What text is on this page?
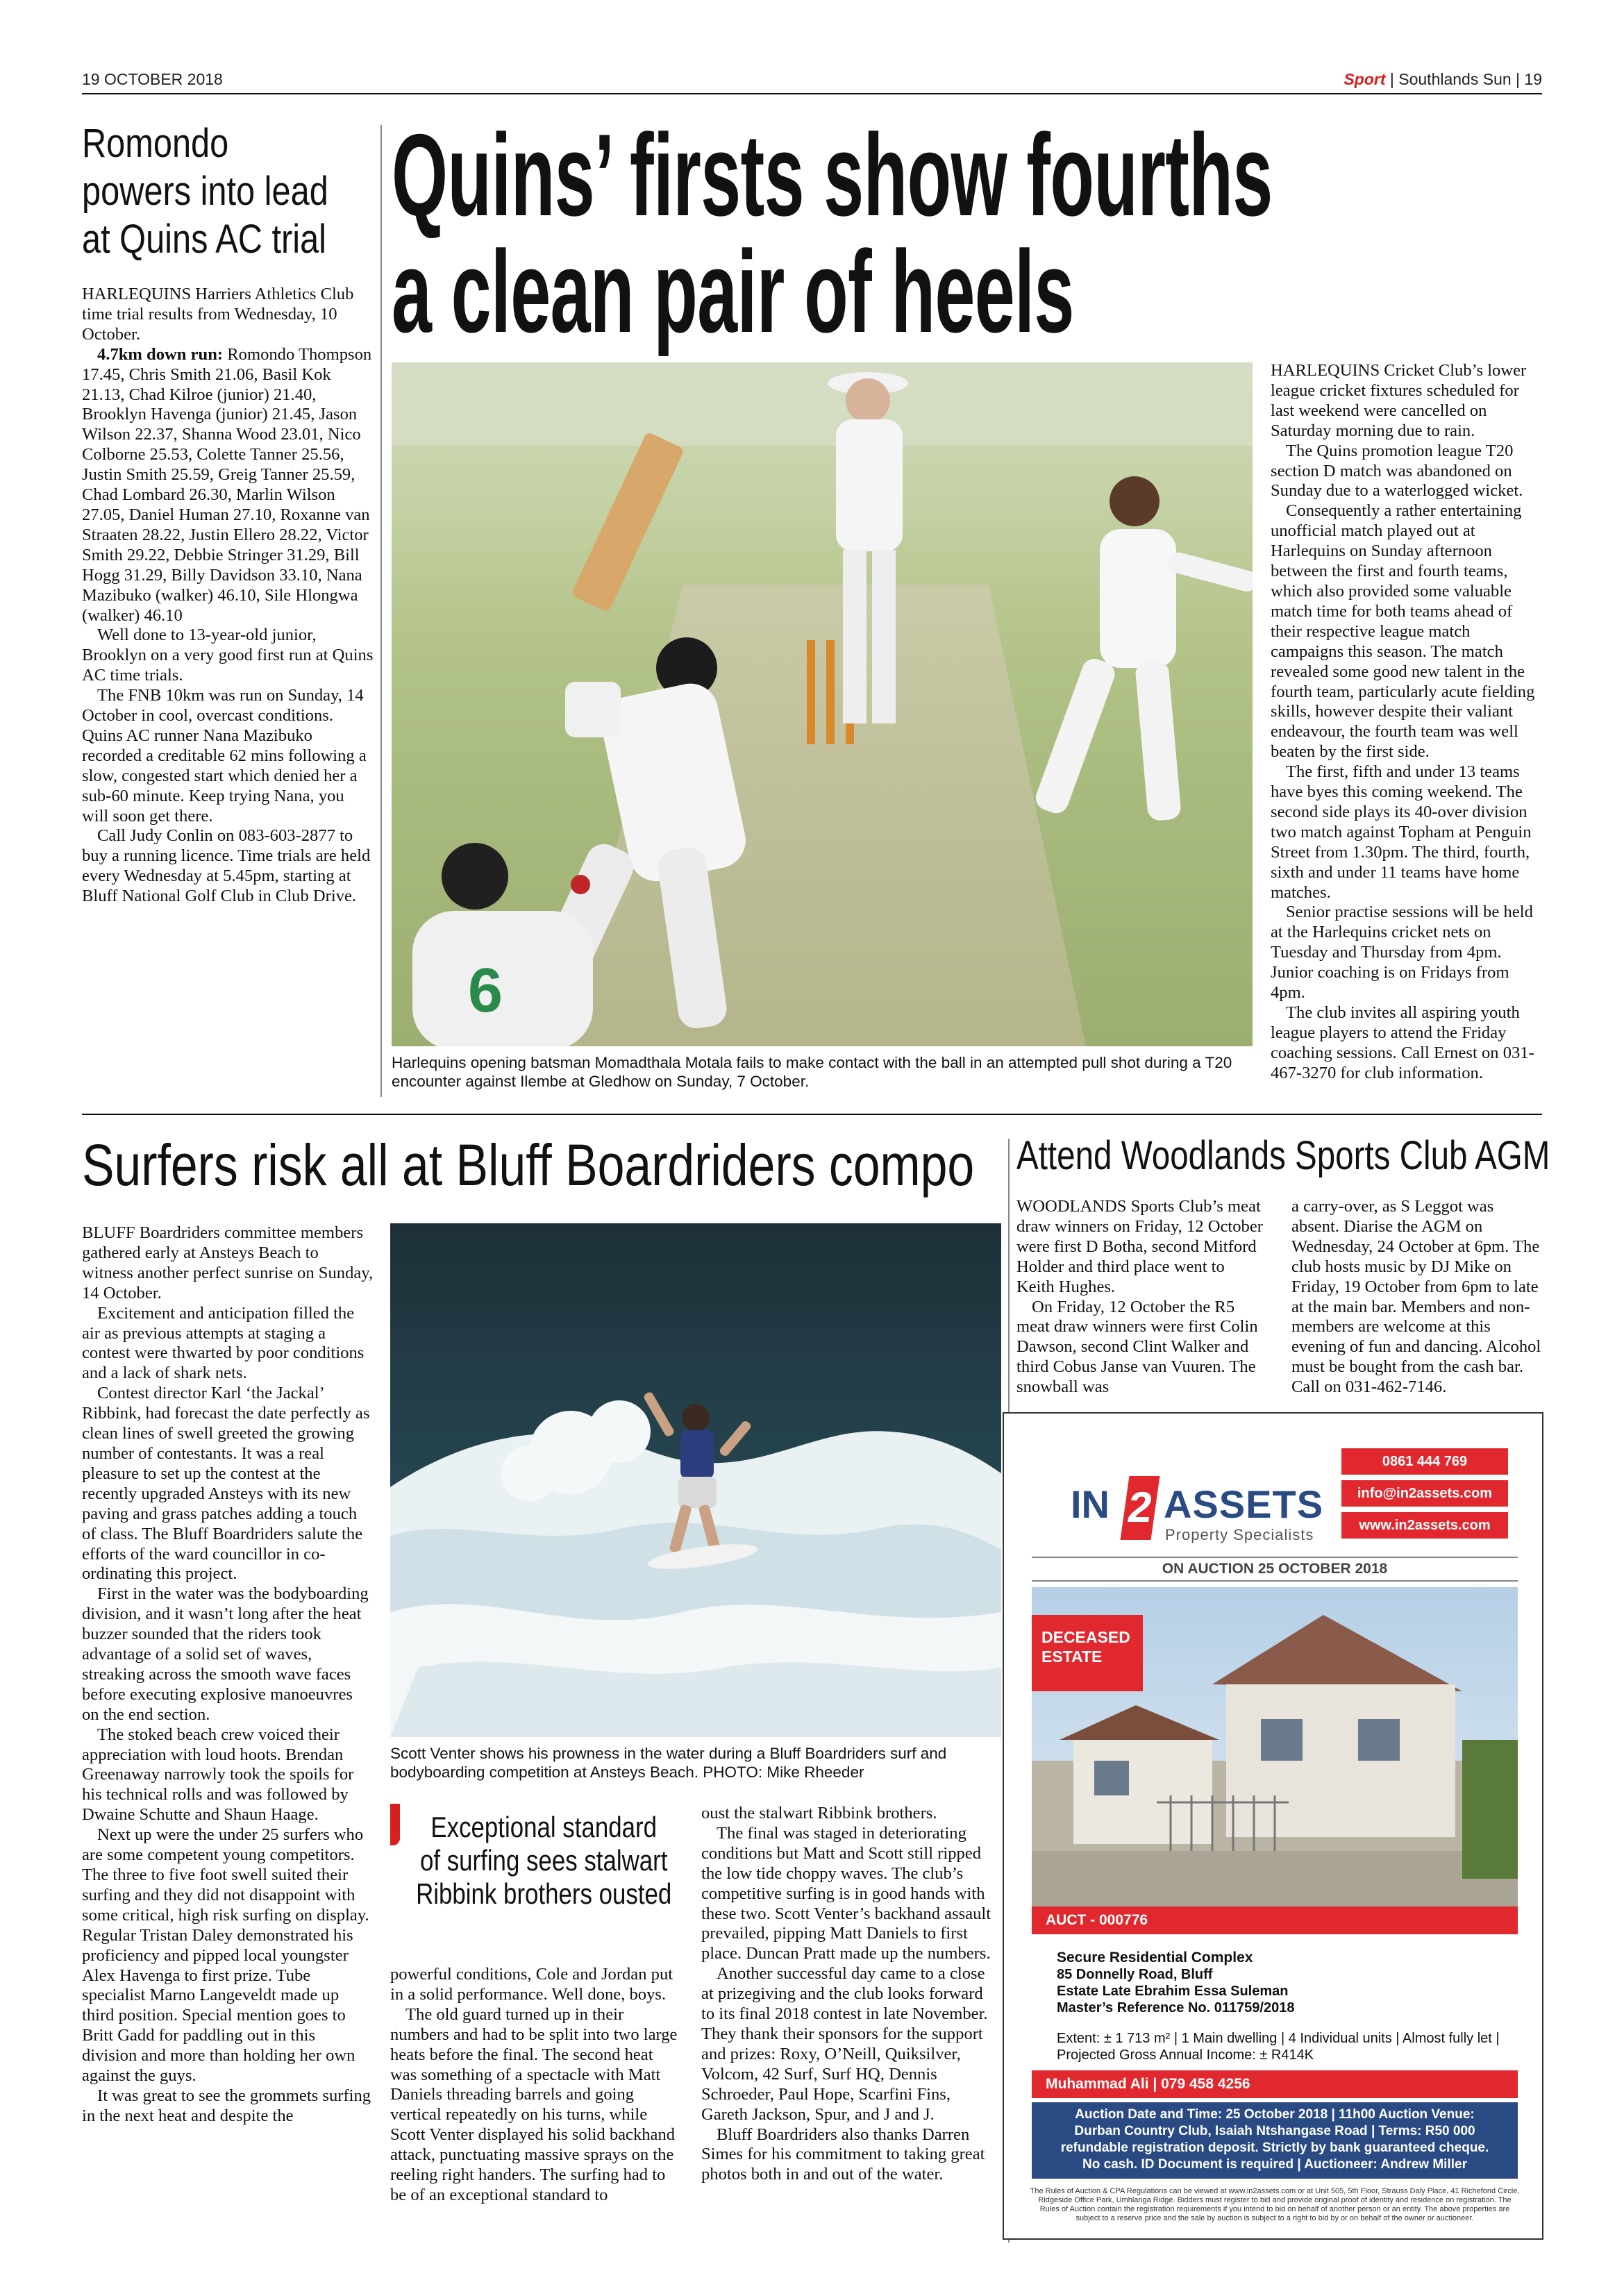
19 OCTOBER 2018	Sport | Southlands Sun | 19
Romondo
powers into lead
at Quins AC trial

HARLEQUINS Harriers Athletics Club time trial results from Wednesday, 10 October.

4.7km down run: Romondo Thompson 17.45, Chris Smith 21.06, Basil Kok 21.13, Chad Kilroe (junior) 21.40, Brooklyn Havenga (junior) 21.45, Jason Wilson 22.37, Shanna Wood 23.01, Nico Colborne 25.53, Colette Tanner 25.56, Justin Smith 25.59, Greig Tanner 25.59, Chad Lombard 26.30, Marlin Wilson 27.05, Daniel Human 27.10, Roxanne van Straaten 28.22, Justin Ellero 28.22, Victor Smith 29.22, Debbie Stringer 31.29, Bill Hogg 31.29, Billy Davidson 33.10, Nana Mazibuko (walker) 46.10, Sile Hlongwa (walker) 46.10

Well done to 13-year-old junior, Brooklyn on a very good first run at Quins AC time trials.

The FNB 10km was run on Sunday, 14 October in cool, overcast conditions. Quins AC runner Nana Mazibuko recorded a creditable 62 mins following a slow, congested start which denied her a sub-60 minute. Keep trying Nana, you will soon get there.

Call Judy Conlin on 083-603-2877 to buy a running licence. Time trials are held every Wednesday at 5.45pm, starting at Bluff National Golf Club in Club Drive.

Quins’ firsts show fourths
a clean pair of heels
6
Harlequins opening batsman Momadthala Motala fails to make contact with the ball in an attempted pull shot during a T20 encounter against Ilembe at Gledhow on Sunday, 7 October.

HARLEQUINS Cricket Club’s lower league cricket fixtures scheduled for last weekend were cancelled on Saturday morning due to rain.

The Quins promotion league T20 section D match was abandoned on Sunday due to a waterlogged wicket.

Consequently a rather entertaining unofficial match played out at Harlequins on Sunday afternoon between the first and fourth teams, which also provided some valuable match time for both teams ahead of their respective league match campaigns this season. The match revealed some good new talent in the fourth team, particularly acute fielding skills, however despite their valiant endeavour, the fourth team was well beaten by the first side.

The first, fifth and under 13 teams have byes this coming weekend. The second side plays its 40-over division two match against Topham at Penguin Street from 1.30pm. The third, fourth, sixth and under 11 teams have home matches.

Senior practise sessions will be held at the Harlequins cricket nets on Tuesday and Thursday from 4pm. Junior coaching is on Fridays from 4pm.

The club invites all aspiring youth league players to attend the Friday coaching sessions. Call Ernest on 031-467-3270 for club information.

Surfers risk all at Bluff Boardriders compo

BLUFF Boardriders committee members gathered early at Ansteys Beach to witness another perfect sunrise on Sunday, 14 October.

Excitement and anticipation filled the air as previous attempts at staging a contest were thwarted by poor conditions and a lack of shark nets.

Contest director Karl ‘the Jackal’ Ribbink, had forecast the date perfectly as clean lines of swell greeted the growing number of contestants. It was a real pleasure to set up the contest at the recently upgraded Ansteys with its new paving and grass patches adding a touch of class. The Bluff Boardriders salute the efforts of the ward councillor in co-ordinating this project.

First in the water was the bodyboarding division, and it wasn’t long after the heat buzzer sounded that the riders took advantage of a solid set of waves, streaking across the smooth wave faces before executing explosive manoeuvres on the end section.

The stoked beach crew voiced their appreciation with loud hoots. Brendan Greenaway narrowly took the spoils for his technical rolls and was followed by Dwaine Schutte and Shaun Haage.

Next up were the under 25 surfers who are some competent young competitors. The three to five foot swell suited their surfing and they did not disappoint with some critical, high risk surfing on display. Regular Tristan Daley demonstrated his proficiency and pipped local youngster Alex Havenga to first prize. Tube specialist Marno Langeveldt made up third position. Special mention goes to Britt Gadd for paddling out in this division and more than holding her own against the guys.

It was great to see the grommets surfing in the next heat and despite the

Scott Venter shows his prowness in the water during a Bluff Boardriders surf and bodyboarding competition at Ansteys Beach. PHOTO: Mike Rheeder
Exceptional standard
of surfing sees stalwart
Ribbink brothers ousted

powerful conditions, Cole and Jordan put in a solid performance. Well done, boys.

The old guard turned up in their numbers and had to be split into two large heats before the final. The second heat was something of a spectacle with Matt Daniels threading barrels and going vertical repeatedly on his turns, while Scott Venter displayed his solid backhand attack, punctuating massive sprays on the reeling right handers. The surfing had to be of an exceptional standard to

oust the stalwart Ribbink brothers.

The final was staged in deteriorating conditions but Matt and Scott still ripped the low tide choppy waves. The club’s competitive surfing is in good hands with these two. Scott Venter’s backhand assault prevailed, pipping Matt Daniels to first place. Duncan Pratt made up the numbers.

Another successful day came to a close at prizegiving and the club looks forward to its final 2018 contest in late November. They thank their sponsors for the support and prizes: Roxy, O’Neill, Quiksilver, Volcom, 42 Surf, Surf HQ, Dennis Schroeder, Paul Hope, Scarfini Fins, Gareth Jackson, Spur, and J and J.

Bluff Boardriders also thanks Darren Simes for his commitment to taking great photos both in and out of the water.

Attend Woodlands Sports Club AGM

WOODLANDS Sports Club’s meat draw winners on Friday, 12 October were first D Botha, second Mitford Holder and third place went to Keith Hughes.

On Friday, 12 October the R5 meat draw winners were first Colin Dawson, second Clint Walker and third Cobus Janse van Vuuren. The snowball was

a carry-over, as S Leggot was absent. Diarise the AGM on Wednesday, 24 October at 6pm. The club hosts music by DJ Mike on Friday, 19 October from 6pm to late at the main bar. Members and non-members are welcome at this evening of fun and dancing. Alcohol must be bought from the cash bar. Call on 031-462-7146.

IN 2 ASSETS
Property Specialists
0861 444 769
info@in2assets.com
www.in2assets.com
ON AUCTION 25 OCTOBER 2018
DECEASED
ESTATE
AUCT - 000776
Secure Residential Complex
85 Donnelly Road, Bluff
Estate Late Ebrahim Essa Suleman
Master’s Reference No. 011759/2018
Extent: ± 1 713 m² | 1 Main dwelling | 4 Individual units | Almost fully let | Projected Gross Annual Income: ± R414K
Muhammad Ali | 079 458 4256
Auction Date and Time: 25 October 2018 | 11h00 Auction Venue:
Durban Country Club, Isaiah Ntshangase Road | Terms: R50 000
refundable registration deposit. Strictly by bank guaranteed cheque.
No cash. ID Document is required | Auctioneer: Andrew Miller
The Rules of Auction & CPA Regulations can be viewed at www.in2assets.com or at Unit 505, 5th Floor, Strauss Daly Place, 41 Richefond Circle, Ridgeside Office Park, Umhlanga Ridge. Bidders must register to bid and provide original proof of identity and residence on registration. The Rules of Auction contain the registration requirements if you intend to bid on behalf of another person or an entity. The above properties are subject to a reserve price and the sale by auction is subject to a right to bid by or on behalf of the owner or auctioneer.
